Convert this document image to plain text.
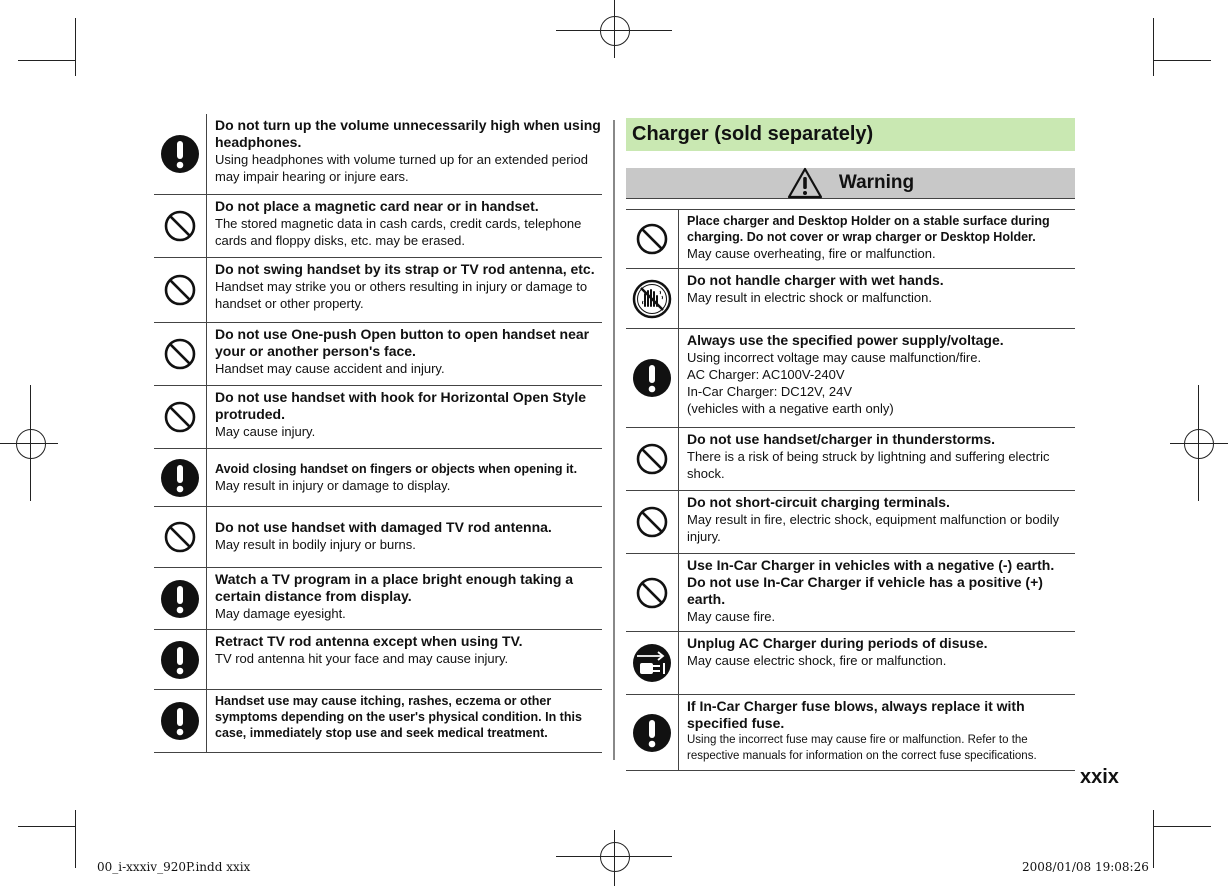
Do not turn up the volume unnecessarily high when using headphones.
Using headphones with volume turned up for an extended period may impair hearing or injure ears.
Do not place a magnetic card near or in handset.
The stored magnetic data in cash cards, credit cards, telephone cards and floppy disks, etc. may be erased.
Do not swing handset by its strap or TV rod antenna, etc.
Handset may strike you or others resulting in injury or damage to handset or other property.
Do not use One-push Open button to open handset near your or another person's face.
Handset may cause accident and injury.
Do not use handset with hook for Horizontal Open Style protruded.
May cause injury.
Avoid closing handset on fingers or objects when opening it.
May result in injury or damage to display.
Do not use handset with damaged TV rod antenna.
May result in bodily injury or burns.
Watch a TV program in a place bright enough taking a certain distance from display.
May damage eyesight.
Retract TV rod antenna except when using TV.
TV rod antenna hit your face and may cause injury.
Handset use may cause itching, rashes, eczema or other symptoms depending on the user's physical condition. In this case, immediately stop use and seek medical treatment.
Charger (sold separately)
Warning
Place charger and Desktop Holder on a stable surface during charging. Do not cover or wrap charger or Desktop Holder.
May cause overheating, fire or malfunction.
Do not handle charger with wet hands.
May result in electric shock or malfunction.
Always use the specified power supply/voltage.
Using incorrect voltage may cause malfunction/fire.
AC Charger: AC100V-240V
In-Car Charger: DC12V, 24V
(vehicles with a negative earth only)
Do not use handset/charger in thunderstorms.
There is a risk of being struck by lightning and suffering electric shock.
Do not short-circuit charging terminals.
May result in fire, electric shock, equipment malfunction or bodily injury.
Use In-Car Charger in vehicles with a negative (-) earth. Do not use In-Car Charger if vehicle has a positive (+) earth.
May cause fire.
Unplug AC Charger during periods of disuse.
May cause electric shock, fire or malfunction.
If In-Car Charger fuse blows, always replace it with specified fuse.
Using the incorrect fuse may cause fire or malfunction. Refer to the respective manuals for information on the correct fuse specifications.
xxix
00_i-xxxiv_920P.indd xxix	2008/01/08 19:08:26
